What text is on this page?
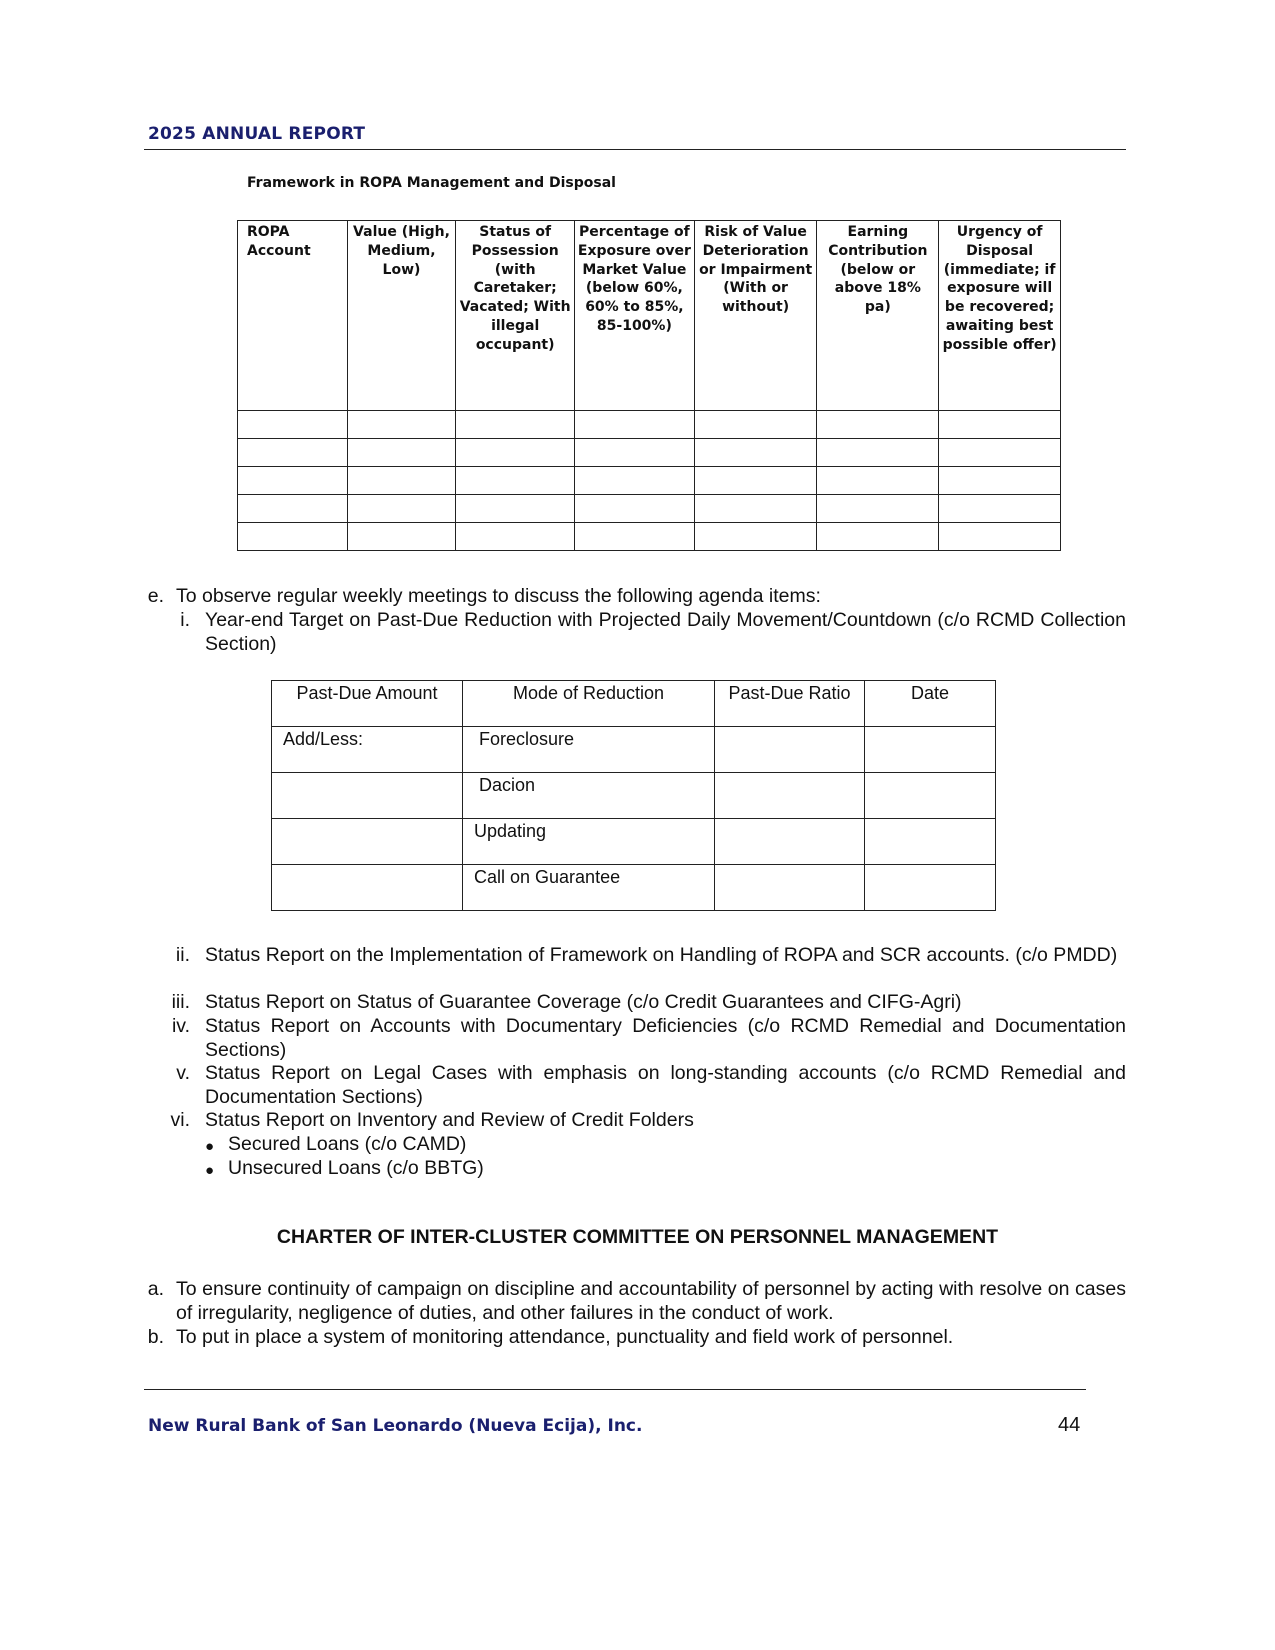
2025 ANNUAL REPORT
Framework in ROPA Management and Disposal
ROPA Account	Value (High, Medium, Low)	Status of Possession (with Caretaker; Vacated; With illegal occupant)	Percentage of Exposure over Market Value (below 60%, 60% to 85%, 85-100%)	Risk of Value Deterioration or Impairment (With or without)	Earning Contribution (below or above 18% pa)	Urgency of Disposal (immediate; if exposure will be recovered; awaiting best possible offer)

e. To observe regular weekly meetings to discuss the following agenda items:
i. Year-end Target on Past-Due Reduction with Projected Daily Movement/Countdown (c/o RCMD Collection Section)
Past-Due Amount	Mode of Reduction	Past-Due Ratio	Date

Add/Less:	Foreclosure		

	Dacion		

	Updating		

	Call on Guarantee		

ii. Status Report on the Implementation of Framework on Handling of ROPA and SCR accounts. (c/o PMDD)
iii. Status Report on Status of Guarantee Coverage (c/o Credit Guarantees and CIFG-Agri)
iv. Status Report on Accounts with Documentary Deficiencies (c/o RCMD Remedial and Documentation Sections)
v. Status Report on Legal Cases with emphasis on long-standing accounts (c/o RCMD Remedial and Documentation Sections)
vi. Status Report on Inventory and Review of Credit Folders
● Secured Loans (c/o CAMD)
● Unsecured Loans (c/o BBTG)
CHARTER OF INTER-CLUSTER COMMITTEE ON PERSONNEL MANAGEMENT
a. To ensure continuity of campaign on discipline and accountability of personnel by acting with resolve on cases of irregularity, negligence of duties, and other failures in the conduct of work.
b. To put in place a system of monitoring attendance, punctuality and field work of personnel.
New Rural Bank of San Leonardo (Nueva Ecija), Inc.	44
